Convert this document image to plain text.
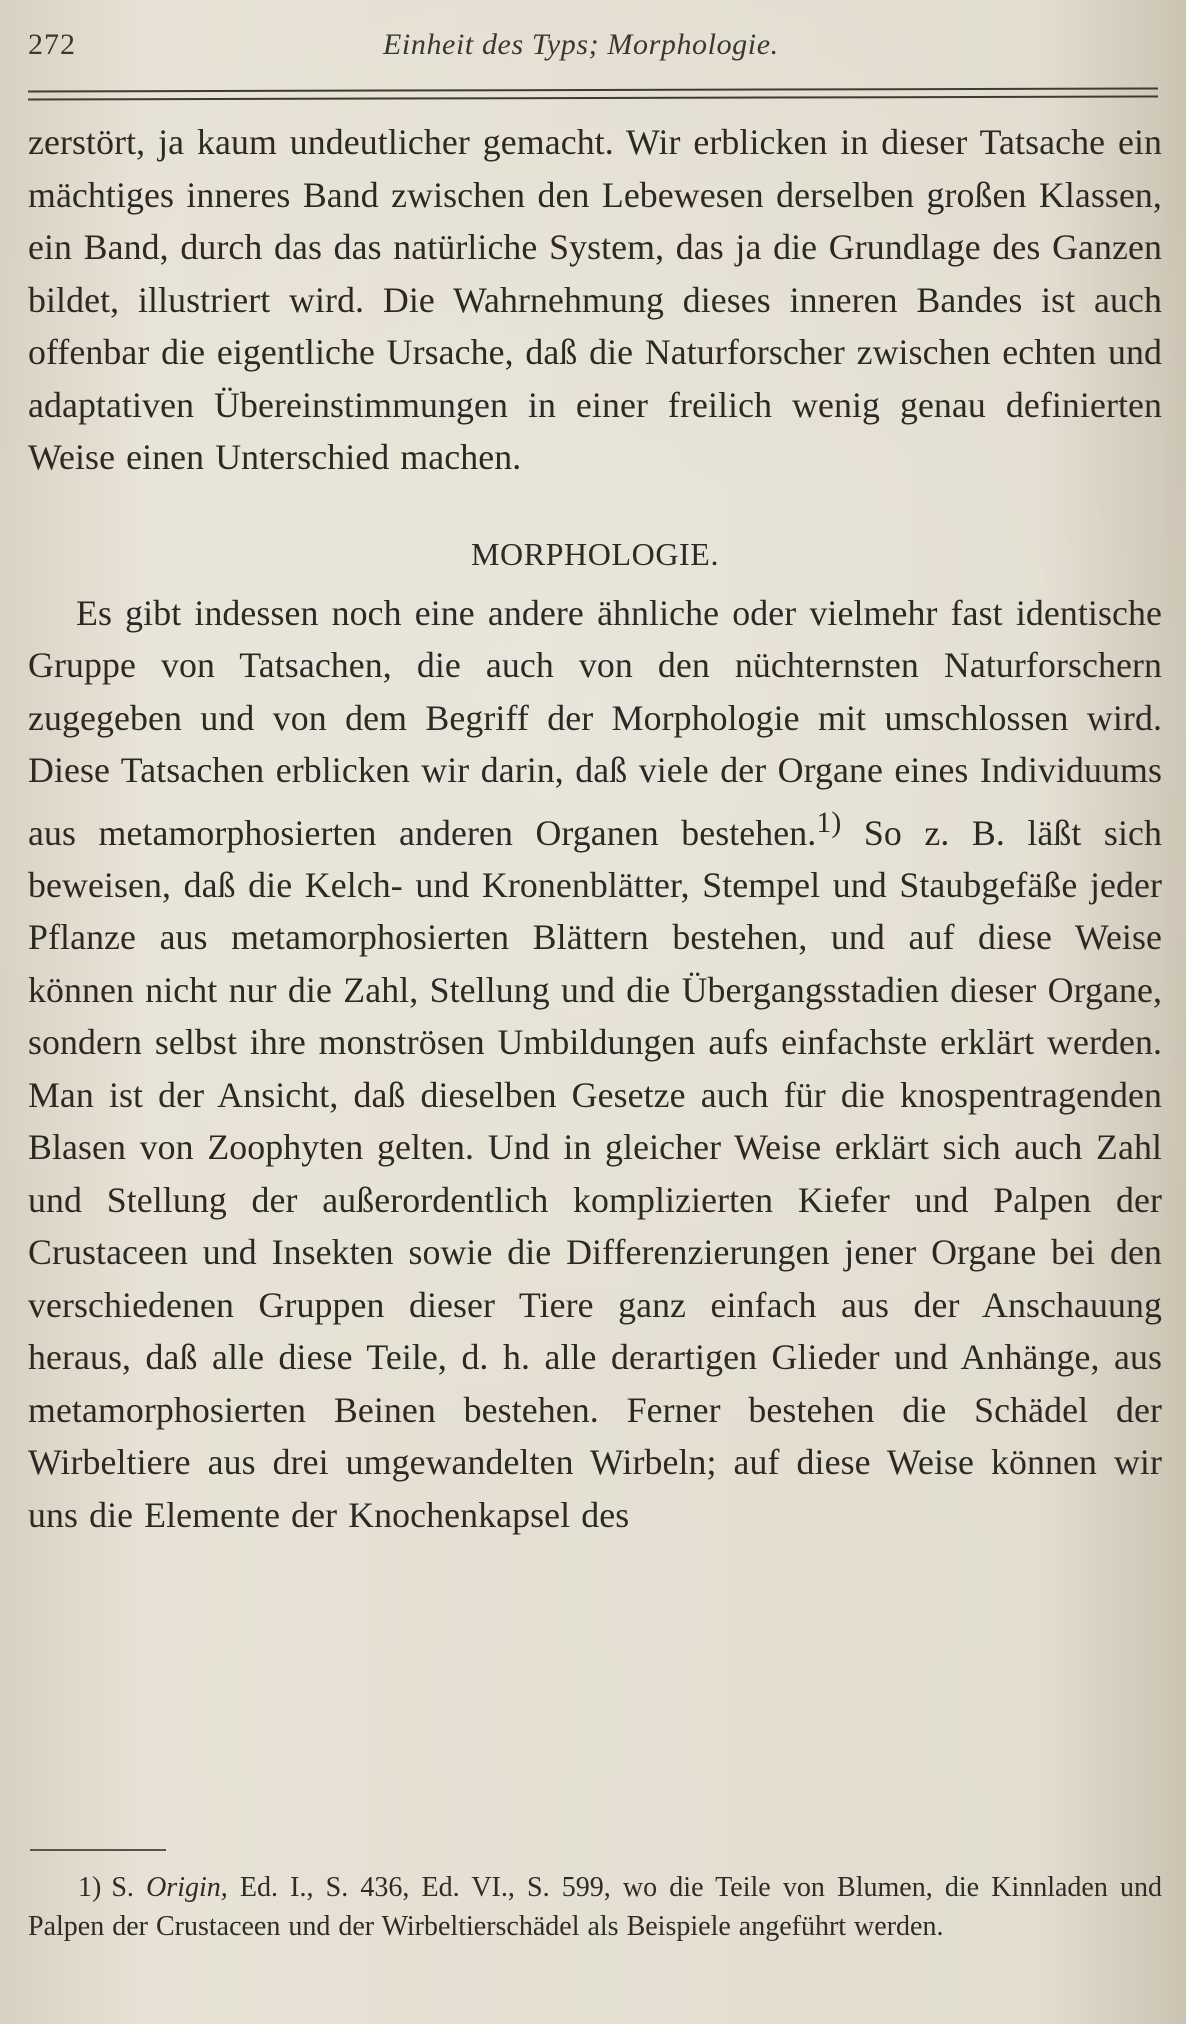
272	Einheit des Typs; Morphologie.

zerstört, ja kaum undeutlicher gemacht. Wir erblicken in dieser Tatsache ein mächtiges inneres Band zwischen den Lebewesen derselben großen Klassen, ein Band, durch das das natürliche System, das ja die Grundlage des Ganzen bildet, illustriert wird. Die Wahrnehmung dieses inneren Bandes ist auch offenbar die eigentliche Ursache, daß die Naturforscher zwischen echten und adaptativen Übereinstimmungen in einer freilich wenig genau definierten Weise einen Unterschied machen.

MORPHOLOGIE.

Es gibt indessen noch eine andere ähnliche oder vielmehr fast identische Gruppe von Tatsachen, die auch von den nüchternsten Naturforschern zugegeben und von dem Begriff der Morphologie mit umschlossen wird. Diese Tatsachen erblicken wir darin, daß viele der Organe eines Individuums aus metamorphosierten anderen Organen bestehen.$^{1)}$ So z. B. läßt sich beweisen, daß die Kelch- und Kronenblätter, Stempel und Staubgefäße jeder Pflanze aus metamorphosierten Blättern bestehen, und auf diese Weise können nicht nur die Zahl, Stellung und die Übergangsstadien dieser Organe, sondern selbst ihre monströsen Umbildungen aufs einfachste erklärt werden. Man ist der Ansicht, daß dieselben Gesetze auch für die knospentragenden Blasen von Zoophyten gelten. Und in gleicher Weise erklärt sich auch Zahl und Stellung der außerordentlich komplizierten Kiefer und Palpen der Crustaceen und Insekten sowie die Differenzierungen jener Organe bei den verschiedenen Gruppen dieser Tiere ganz einfach aus der Anschauung heraus, daß alle diese Teile, d. h. alle derartigen Glieder und Anhänge, aus metamorphosierten Beinen bestehen. Ferner bestehen die Schädel der Wirbeltiere aus drei umgewandelten Wirbeln; auf diese Weise können wir uns die Elemente der Knochenkapsel des

1) S. Origin, Ed. I., S. 436, Ed. VI., S. 599, wo die Teile von Blumen, die Kinnladen und Palpen der Crustaceen und der Wirbeltierschädel als Beispiele angeführt werden.
